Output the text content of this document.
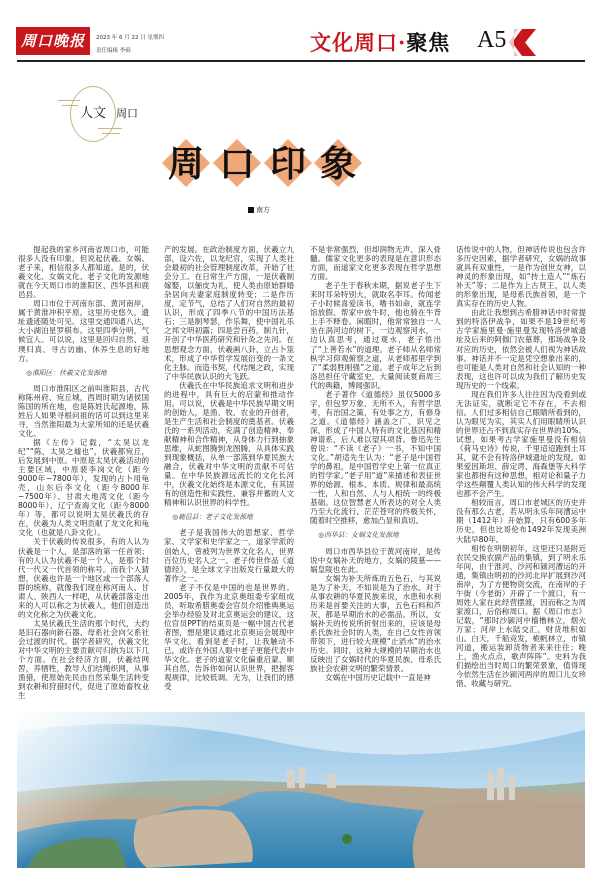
周口晚报	2023 年 6 月 22 日 星期四
责任编辑 李砾	文化周口·聚焦 A5
人文 周口
周 口 印 象
南方

提起我的家乡河南省周口市，可能很多人没有印象，但说起伏羲、女娲、老子来，相信很多人都知道。是的，伏羲文化、女娲文化、老子文化的发源地就在今天周口市的淮阳区、西华县和鹿邑县。

周口市位于河南东部、黄河南岸，属于黄淮冲积平原。这里历史悠久，遗址遗迹随处可见。这里交通四通八达，大小湖泊星罗棋布。这里四季分明，气候宜人。可以说，这里是回归自然、返璞归真、寻古访幽、休养生息的好地方。

◎淮阳区：伏羲文化发源地

周口市淮阳区之前叫淮阳县，古代称陈州府、宛丘城，西周时期为诸侯国陈国的所在地，也是陈姓氏起源地，陈姓后人如果寻根问祖的话可以到这里来寻，当然淮阳最为大家所知的还是伏羲文化。

据《左传》记载，“太昊以龙纪”“陈，太昊之墟也”，伏羲都宛丘，后发展到中原。中原是太昊伏羲活动的主要区域，中原裴李岗文化（距今9000年~7800年），发现的占卜用龟壳，山东后李文化（距今8000年~7500年）、甘肃大地湾文化（距今8000年）、辽宁查海文化（距今8000年）等，都可以说明太昊伏羲氏的存在，伏羲为人类文明贡献了龙文化和龟文化（也就是八卦文化）。

关于伏羲的传说很多，有的人认为伏羲是一个人，是部落的第一任首领；有的人认为伏羲不是一个人，是那个时代一代又一代首领的称号。而我个人猜想，伏羲也许是一个地区或一个部落人群的统称，就像我们现在称河南人、甘肃人、陕西人一样吧，从伏羲部落走出来的人可以称之为伏羲人，他们创造出的文化称之为伏羲文化。

太昊伏羲氏生活的那个时代，大约是旧石器向新石器、母系社会向父系社会过渡的时代。据学者研究，伏羲文化对中华文明的主要贡献可归纳为以下几个方面。在社会经济方面，伏羲结网罟，养牺牲，教导人们结绳织网，从事渔猎，使原始先民由自然采集生活转变到农耕和狩猎时代，促进了原始畜牧业生

产的发展。在政治制度方面，伏羲立九部，设六佐，以龙纪官，实现了人类社会最初的社会管理制度改革，开始了社会分工。在日常生产方面，一是伏羲制嫁娶，以俪皮为礼，使人类由原始群婚杂居向夫妻家庭制度转变；二是作历度，定节气，总结了人们对自然的最初认识，形成了四季八节的中国历法基石；三是制琴瑟，作乐舞，使中国礼乐之邦文明初露；四是尝百药，制九针，开创了中华医药研究和针灸之先河。在思想观念方面，伏羲画八卦，立占卜筮术，形成了中华哲学发展衍变的一条文化主脉。而造书契，代结绳之政，实现了中华民族认识的大飞跃。

伏羲氏在中华民族追求文明和进步的进程中，具有巨大的启蒙和推动作用。可以说，伏羲是中华民族早期文明的创始人，是渔、牧、农业的开创者，是生产生活和社会制度的奠基者。伏羲氏的一系列活动，充满了创造精神、奉献精神和合作精神，从身体力行到抽象思维，从蛇图腾到龙图腾，从具体实践到现象概括，从单一部落到华夏民族大融合，伏羲对中华文明的贡献不可估量。在中华民族源远流长的文化长河中，伏羲文化始终是本源文化，有其固有的创造性和实践性、兼容并蓄的人文精神和认识世界的科学性。

◎鹿邑县：老子文化发源地

老子是我国伟大的思想家、哲学家、文学家和史学家之一，道家学派的创始人，曾被列为世界文化名人，世界百位历史名人之一。老子传世作品《道德经》，是全球文字出版发行量最大的著作之一。

老子不仅是中国的也是世界的。2005年，我作为北京奥组委专家组成员，听取希腊奥委会官员介绍雅典奥运会举办经验及对北京奥运会的建议，这位官员PPT的结束页是一幅中国古代老者图，想是建议通过北京奥运会展现中华文化。看到是老子时，让我触动不已，或许在外国人眼中老子更能代表中华文化。老子的道家文化偏重启蒙、顺其自然，告诉你如何认识世界，把握客观规律，比较低调、无为，让我们的感受

不是非常强烈，但却润物无声、深入骨髓。儒家文化更多的表现是在意识形态方面，而道家文化更多表现在哲学思想方面。

老子生于春秋末期，据说老子生下来时耳朵特别大，就取名李耳。传闻老子小时候喜爱读书，嗜书如命，就连学馆放假、帮家中放牛时，他也骑在牛背上手不释卷。闲暇时，他常常独自一人坐在涡河边的树下，一边观察河水，一边认真思考，通过观水，老子悟出了“上善若水”的道理。老子师从名师常枞学习仰观俯察之道，从老师那里学到了“柔弱胜刚强”之道。老子成年之后到洛邑担任守藏室史，大量阅读夏商周三代的典籍，博闻强识。

老子著作《道德经》虽仅5000多字，但包罗万象、无所不入，有哲学思考，有治国之策，有处事之方，有修身之道。《道德经》涵盖之广、识见之深，形成了中国人特有的文化基因和精神谱系，后人难以望其项背。鲁迅先生曾说：“不读《老子》一书，不知中国文化。”胡适先生认为：“老子是中国哲学的鼻祖，是中国哲学史上第一位真正的哲学家。”老子用“道”来描述和表征世界的始源、根本、本质、规律和最高统一性，人和自然、人与人相统一的终极基础。这位智慧老人所表达的对全人类乃至大化流行、茫茫苍穹的终极关怀，随着时空推移，愈加凸显和真切。

◎西华县：女娲文化发源地

周口市西华县位于黄河南岸，是传说中女娲补天的地方，女娲的陵墓——娲皇陵也在此。

女娲为补天所炼的五色石，与其说是为了补天，不如说是为了治水。对于从事农耕的华夏民族来说，水患和水利历来是首要关注的大事，五色石料和芦灰，都是早期治水的必需品。所以，女娲补天的传说所折射出来的，应该是母系氏族社会时的人类，在自己女性首领带领下，进行较大规模“止滔水”的治水历史。同时，这种大规模的早期治水也反映出了女娲时代的华夏民族、母系氏族社会农耕文明的繁荣情景。

女娲在中国历史记载中一直是神

话传说中的人物，但神话传说也包含许多历史因素，据学者研究，女娲的故事就具有双重性，一是作为创世女神，以神灵的形象出现，如“抟土造人”“炼石补天”等；二是作为上古贤王，以人类的形象出现，是母系氏族首领，是一个真实存在的历史人物。

由此让我想到古希腊神话中时常提到的特洛伊战争，如果不是19世纪考古学家施里曼·施里曼发现特洛伊城遗址及后来的阿伽门农墓葬，那场战争及对应的历史，依然会被人们视为神话故事。神话并不一定是凭空想象出来的，也可能是人类对自然和社会认知的一种表现，这也许可以成为我们了解历史发现历史的一个线索。

现在我们许多人往往因为没看到或无法证实，就断定它不存在，不去相信。人们过多相信自己眼睛所看到的，认为眼见为实，其实人们用眼睛所认识的世界还占不到真实存在世界的10%。试想，如果考古学家施里曼没有相信《荷马史诗》传说，千里迢迢跑到土耳其，就不会有特洛伊城遗址的发现。如果爱因斯坦、薛定谔、海森堡等大科学家也都抱有这种思想，相对论和量子力学这些颠覆人类认知的伟大科学的发现也都不会产生。

相较而言，周口市老城区的历史并没有那么古老，若从明永乐年间漕运中期（1412年）开始算，只有600多年历史，但也比哥伦布1492年发现美洲大陆早80年。

相传在明朝初年，这里还只是附近农民交换农副产品的集镇，到了明永乐年间，由于淮河、沙河和颍河漕运的开通，集镇由明初的沙河北岸扩展到沙河南岸，为了方便物资交流，在南岸的子午街（今老街）开辟了一个渡口，有一周姓人家在此经营摆渡，因而称之为周家渡口，后俗称周口。据《周口市志》记载，“那时沙颍河中樯橹林立，烟火万家；河岸上水陆交汇，财货堆积如山。白天，千船竞发，桅帆林立，市镇河道，搬运装卸货物者来来往往；晚上，渔火点点，歌声阵阵”。史料为我们描绘出当时周口的繁荣景象，值得现今依然生活在沙颍河两岸的周口儿女珍惜、收藏与研究。
